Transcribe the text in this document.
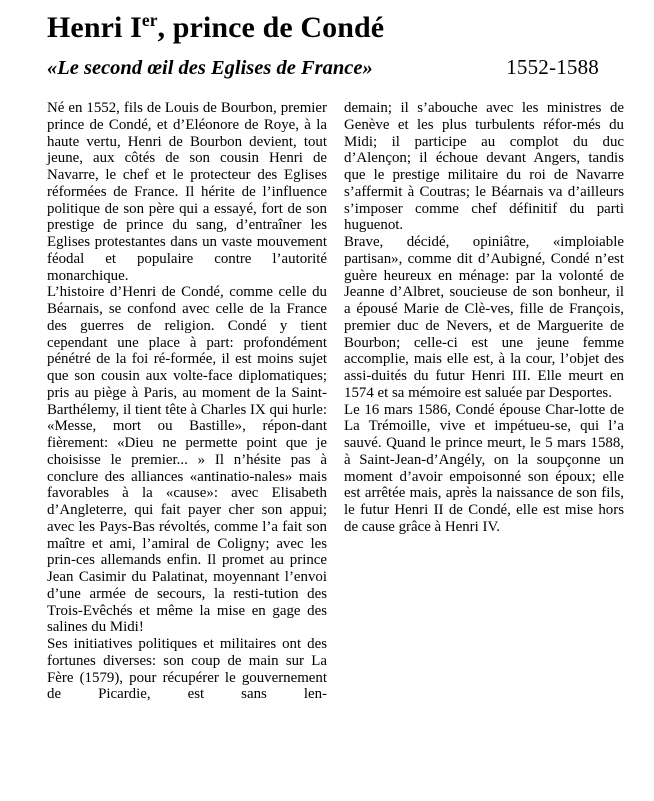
Henri Ier, prince de Condé
«Le second œil des Eglises de France»	1552-1588

Né en 1552, fils de Louis de Bourbon, premier prince de Condé, et d’Eléonore de Roye, à la haute vertu, Henri de Bourbon devient, tout jeune, aux côtés de son cousin Henri de Navarre, le chef et le protecteur des Eglises réformées de France. Il hérite de l’influence politique de son père qui a essayé, fort de son prestige de prince du sang, d’entraîner les Eglises protestantes dans un vaste mouvement féodal et populaire contre l’autorité monarchique.

L’histoire d’Henri de Condé, comme celle du Béarnais, se confond avec celle de la France des guerres de religion. Condé y tient cependant une place à part: profondément pénétré de la foi ré-formée, il est moins sujet que son cousin aux volte-face diplomatiques; pris au piège à Paris, au moment de la Saint-Barthélemy, il tient tête à Charles IX qui hurle: «Messe, mort ou Bastille», répon-dant fièrement: «Dieu ne permette point que je choisisse le premier... » Il n’hésite pas à conclure des alliances «antinatio-nales» mais favorables à la «cause»: avec Elisabeth d’Angleterre, qui fait payer cher son appui; avec les Pays-Bas révoltés, comme l’a fait son maître et ami, l’amiral de Coligny; avec les prin-ces allemands enfin. Il promet au prince Jean Casimir du Palatinat, moyennant l’envoi d’une armée de secours, la resti-tution des Trois-Evêchés et même la mise en gage des salines du Midi!

Ses initiatives politiques et militaires ont des fortunes diverses: son coup de main sur La Fère (1579), pour récupérer le gouvernement de Picardie, est sans len-

demain; il s’abouche avec les ministres de Genève et les plus turbulents réfor-més du Midi; il participe au complot du duc d’Alençon; il échoue devant Angers, tandis que le prestige militaire du roi de Navarre s’affermit à Coutras; le Béarnais va d’ailleurs s’imposer comme chef définitif du parti huguenot.

Brave, décidé, opiniâtre, «imploiable partisan», comme dit d’Aubigné, Condé n’est guère heureux en ménage: par la volonté de Jeanne d’Albret, soucieuse de son bonheur, il a épousé Marie de Clè-ves, fille de François, premier duc de Nevers, et de Marguerite de Bourbon; celle-ci est une jeune femme accomplie, mais elle est, à la cour, l’objet des assi-duités du futur Henri III. Elle meurt en 1574 et sa mémoire est saluée par Desportes.

Le 16 mars 1586, Condé épouse Char-lotte de La Trémoille, vive et impétueu-se, qui l’a sauvé. Quand le prince meurt, le 5 mars 1588, à Saint-Jean-d’Angély, on la soupçonne un moment d’avoir empoisonné son époux; elle est arrêtée mais, après la naissance de son fils, le futur Henri II de Condé, elle est mise hors de cause grâce à Henri IV.
